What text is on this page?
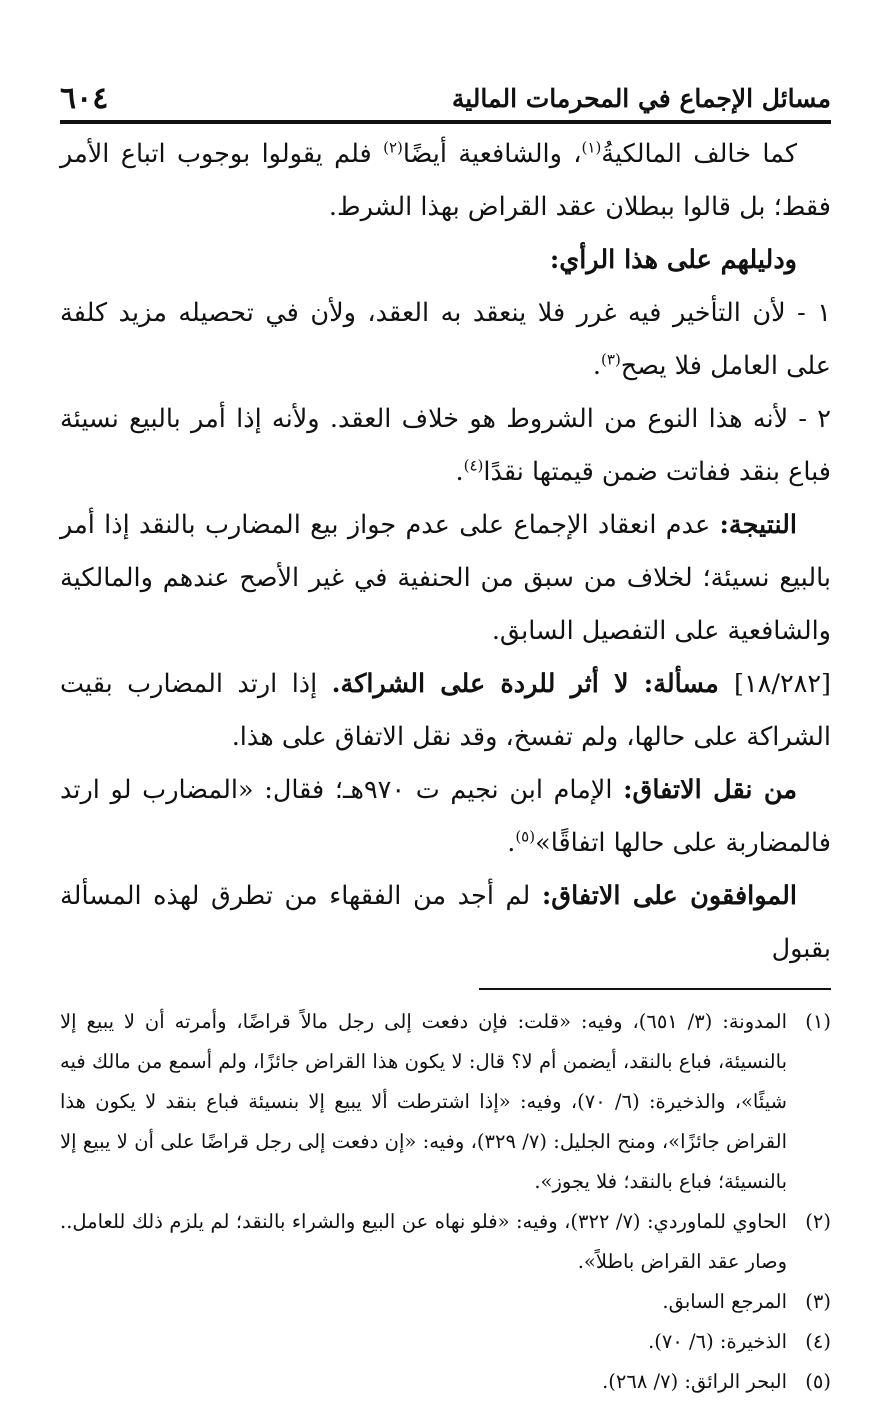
مسائل الإجماع في المحرمات المالية
٦٠٤

كما خالف المالكيةُ$^{(١)}$، والشافعية أيضًا$^{(٢)}$ فلم يقولوا بوجوب اتباع الأمر فقط؛ بل قالوا ببطلان عقد القراض بهذا الشرط.

ودليلهم على هذا الرأي:

١ - لأن التأخير فيه غرر فلا ينعقد به العقد، ولأن في تحصيله مزيد كلفة على العامل فلا يصح$^{(٣)}$.

٢ - لأنه هذا النوع من الشروط هو خلاف العقد. ولأنه إذا أمر بالبيع نسيئة فباع بنقد ففاتت ضمن قيمتها نقدًا$^{(٤)}$.

النتيجة: عدم انعقاد الإجماع على عدم جواز بيع المضارب بالنقد إذا أمر بالبيع نسيئة؛ لخلاف من سبق من الحنفية في غير الأصح عندهم والمالكية والشافعية على التفصيل السابق.

[١٨/٢٨٢] مسألة: لا أثر للردة على الشراكة. إذا ارتد المضارب بقيت الشراكة على حالها، ولم تفسخ، وقد نقل الاتفاق على هذا.

من نقل الاتفاق: الإمام ابن نجيم ت ٩٧٠هـ؛ فقال: «المضارب لو ارتد فالمضاربة على حالها اتفاقًا»$^{(٥)}$.

الموافقون على الاتفاق: لم أجد من الفقهاء من تطرق لهذه المسألة بقبول

(١)
المدونة: (٣/ ٦٥١)، وفيه: «قلت: فإن دفعت إلى رجل مالاً قراضًا، وأمرته أن لا يبيع إلا بالنسيئة، فباع بالنقد، أيضمن أم لا؟ قال: لا يكون هذا القراض جائزًا، ولم أسمع من مالك فيه شيئًا»، والذخيرة: (٦/ ٧٠)، وفيه: «إذا اشترطت ألا يبيع إلا بنسيئة فباع بنقد لا يكون هذا القراض جائزًا»، ومنح الجليل: (٧/ ٣٢٩)، وفيه: «إن دفعت إلى رجل قراضًا على أن لا يبيع إلا بالنسيئة؛ فباع بالنقد؛ فلا يجوز».

(٢)
الحاوي للماوردي: (٧/ ٣٢٢)، وفيه: «فلو نهاه عن البيع والشراء بالنقد؛ لم يلزم ذلك للعامل.. وصار عقد القراض باطلاً».

(٣)
المرجع السابق.

(٤)
الذخيرة: (٦/ ٧٠).

(٥)
البحر الرائق: (٧/ ٢٦٨).
